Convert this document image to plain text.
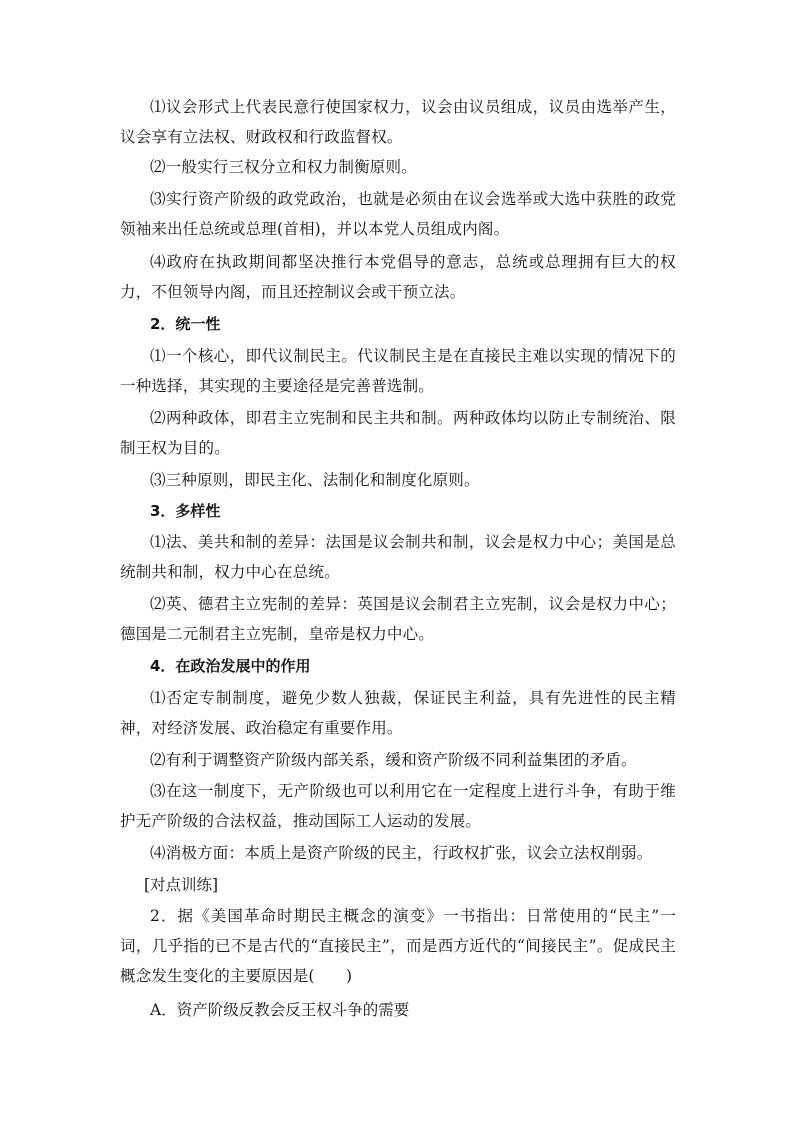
⑴议会形式上代表民意行使国家权力，议会由议员组成，议员由选举产生，议会享有立法权、财政权和行政监督权。

⑵一般实行三权分立和权力制衡原则。

⑶实行资产阶级的政党政治，也就是必须由在议会选举或大选中获胜的政党领袖来出任总统或总理(首相)，并以本党人员组成内阁。

⑷政府在执政期间都坚决推行本党倡导的意志，总统或总理拥有巨大的权力，不但领导内阁，而且还控制议会或干预立法。

2．统一性

⑴一个核心，即代议制民主。代议制民主是在直接民主难以实现的情况下的一种选择，其实现的主要途径是完善普选制。

⑵两种政体，即君主立宪制和民主共和制。两种政体均以防止专制统治、限制王权为目的。

⑶三种原则，即民主化、法制化和制度化原则。

3．多样性

⑴法、美共和制的差异：法国是议会制共和制，议会是权力中心；美国是总统制共和制，权力中心在总统。

⑵英、德君主立宪制的差异：英国是议会制君主立宪制，议会是权力中心；德国是二元制君主立宪制，皇帝是权力中心。

4．在政治发展中的作用

⑴否定专制制度，避免少数人独裁，保证民主利益，具有先进性的民主精神，对经济发展、政治稳定有重要作用。

⑵有利于调整资产阶级内部关系，缓和资产阶级不同利益集团的矛盾。

⑶在这一制度下，无产阶级也可以利用它在一定程度上进行斗争，有助于维护无产阶级的合法权益，推动国际工人运动的发展。

⑷消极方面：本质上是资产阶级的民主，行政权扩张，议会立法权削弱。

[对点训练]

2．据《美国革命时期民主概念的演变》一书指出：日常使用的“民主”一词，几乎指的已不是古代的“直接民主”，而是西方近代的“间接民主”。促成民主概念发生变化的主要原因是(　　)

A．资产阶级反教会反王权斗争的需要
